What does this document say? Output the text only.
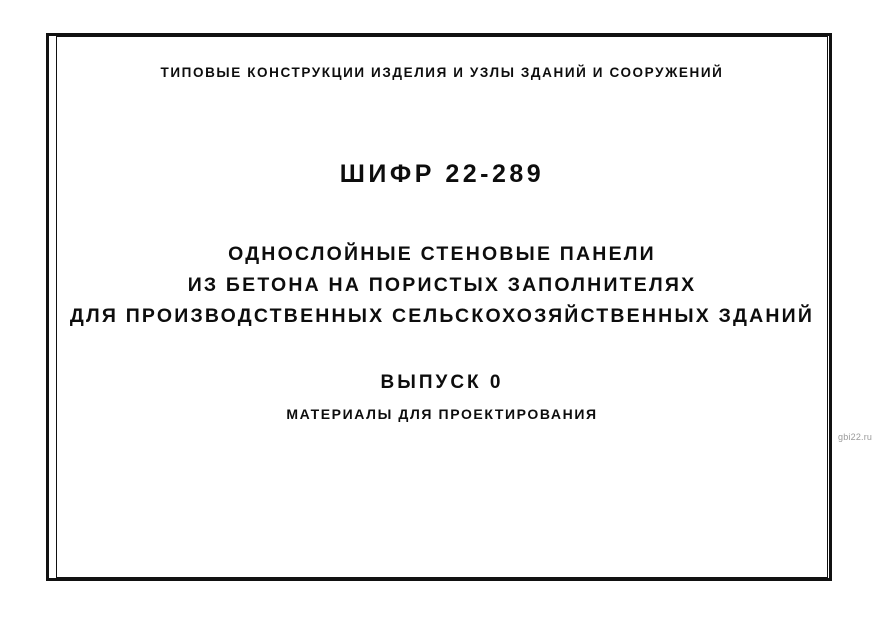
ТИПОВЫЕ КОНСТРУКЦИИ ИЗДЕЛИЯ И УЗЛЫ ЗДАНИЙ И СООРУЖЕНИЙ
ШИФР 22-289
ОДНОСЛОЙНЫЕ СТЕНОВЫЕ ПАНЕЛИ
ИЗ БЕТОНА НА ПОРИСТЫХ ЗАПОЛНИТЕЛЯХ
ДЛЯ ПРОИЗВОДСТВЕННЫХ СЕЛЬСКОХОЗЯЙСТВЕННЫХ ЗДАНИЙ
ВЫПУСК 0
МАТЕРИАЛЫ ДЛЯ ПРОЕКТИРОВАНИЯ
gbi22.ru
